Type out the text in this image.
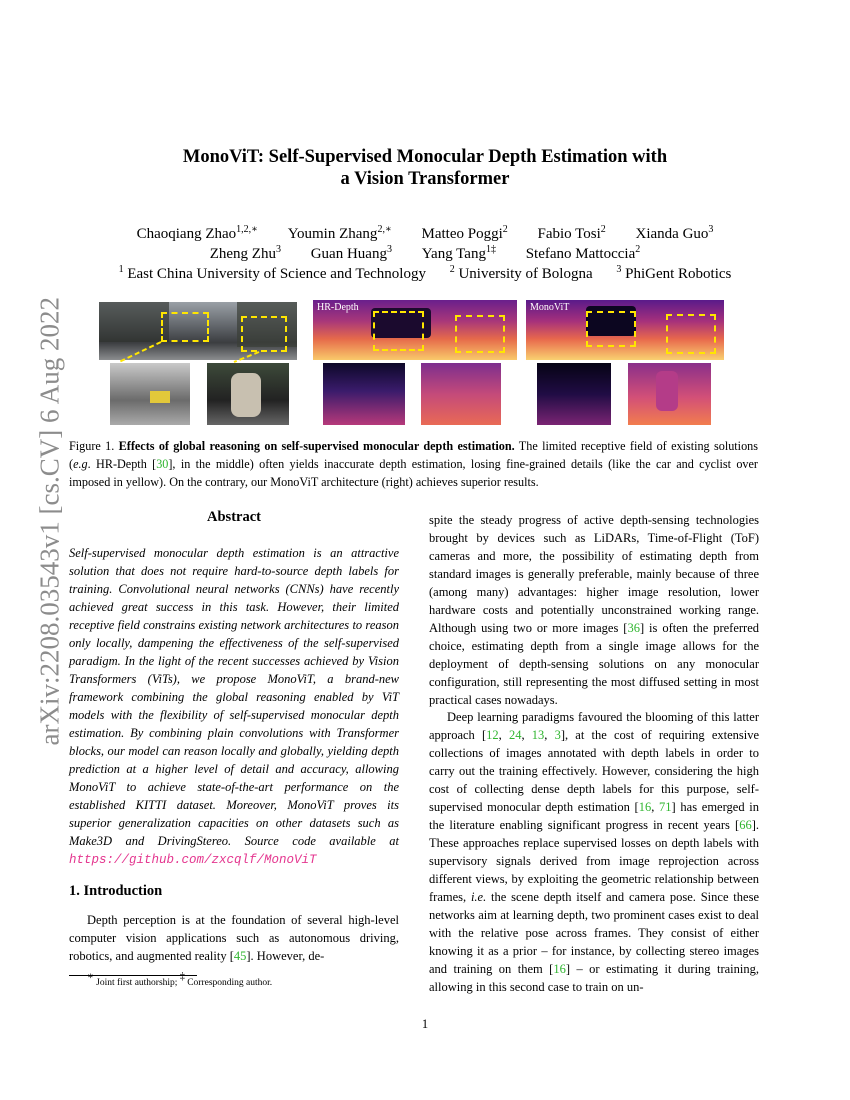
MonoViT: Self-Supervised Monocular Depth Estimation with
a Vision Transformer
Chaoqiang Zhao$^{1,2,∗}$ Youmin Zhang$^{2,∗}$ Matteo Poggi$^2$ Fabio Tosi$^2$ Xianda Guo$^3$
Zheng Zhu$^3$ Guan Huang$^3$ Yang Tang$^{1\ddagger}$ Stefano Mattoccia$^2$
$^1$ East China University of Science and Technology $^2$ University of Bologna $^3$ PhiGent Robotics
arXiv:2208.03543v1 [cs.CV] 6 Aug 2022	HR-Depth	MonoViT
Figure 1. Effects of global reasoning on self-supervised monocular depth estimation. The limited receptive field of existing solutions (e.g. HR-Depth [30], in the middle) often yields inaccurate depth estimation, losing fine-grained details (like the car and cyclist over imposed in yellow). On the contrary, our MonoViT architecture (right) achieves superior results.
Abstract
Self-supervised monocular depth estimation is an attractive solution that does not require hard-to-source depth labels for training. Convolutional neural networks (CNNs) have recently achieved great success in this task. However, their limited receptive field constrains existing network architectures to reason only locally, dampening the effectiveness of the self-supervised paradigm. In the light of the recent successes achieved by Vision Transformers (ViTs), we propose MonoViT, a brand-new framework combining the global reasoning enabled by ViT models with the flexibility of self-supervised monocular depth estimation. By combining plain convolutions with Transformer blocks, our model can reason locally and globally, yielding depth prediction at a higher level of detail and accuracy, allowing MonoViT to achieve state-of-the-art performance on the established KITTI dataset. Moreover, MonoViT proves its superior generalization capacities on other datasets such as Make3D and DrivingStereo. Source code available at https://github.com/zxcqlf/MonoViT
1. Introduction
Depth perception is at the foundation of several high-level computer vision applications such as autonomous driving, robotics, and augmented reality [45]. However, de-
∗ Joint first authorship; ‡ Corresponding author.
spite the steady progress of active depth-sensing technologies brought by devices such as LiDARs, Time-of-Flight (ToF) cameras and more, the possibility of estimating depth from standard images is generally preferable, mainly because of three (among many) advantages: higher image resolution, lower hardware costs and potentially unconstrained working range. Although using two or more images [36] is often the preferred choice, estimating depth from a single image allows for the deployment of depth-sensing solutions on any monocular configuration, still representing the most diffused setting in most practical cases nowadays.
Deep learning paradigms favoured the blooming of this latter approach [12, 24, 13, 3], at the cost of requiring extensive collections of images annotated with depth labels in order to carry out the training effectively. However, considering the high cost of collecting dense depth labels for this purpose, self-supervised monocular depth estimation [16, 71] has emerged in the literature enabling significant progress in recent years [66]. These approaches replace supervised losses on depth labels with supervisory signals derived from image reprojection across different views, by exploiting the geometric relationship between frames, i.e. the scene depth itself and camera pose. Since these networks aim at learning depth, two prominent cases exist to deal with the relative pose across frames. They consist of either knowing it as a prior – for instance, by collecting stereo images and training on them [16] – or estimating it during training, allowing in this second case to train on un-
1
